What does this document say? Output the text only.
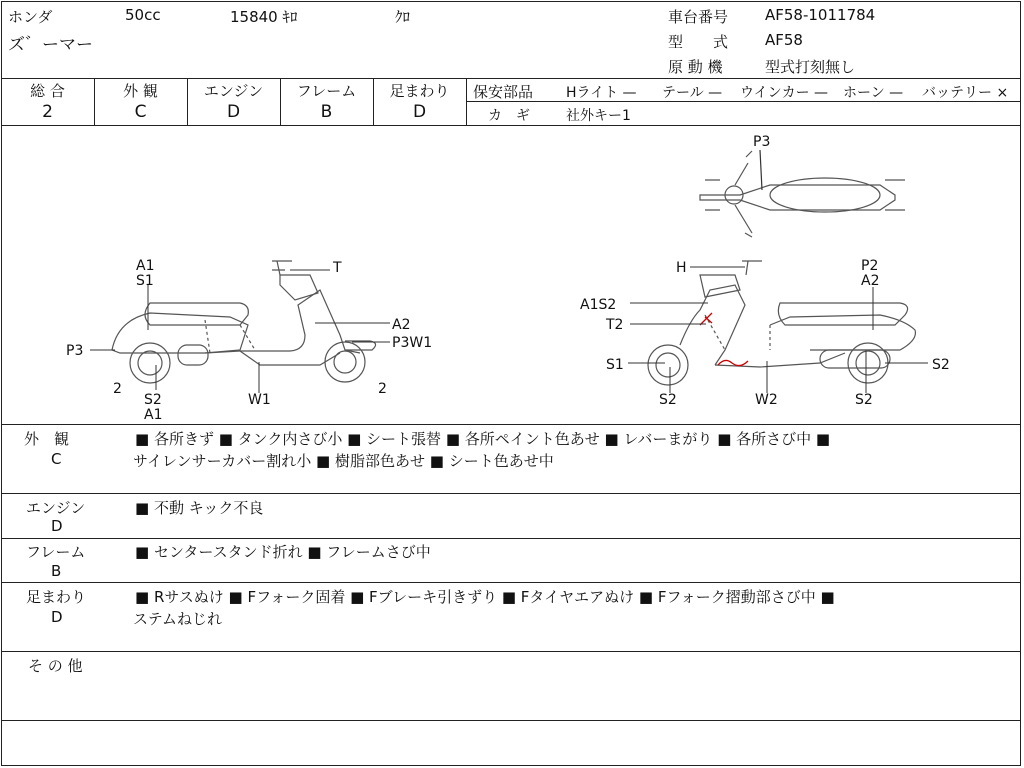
ホンダ	50cc	15840 ｷﾛ	ｸﾛ
ズ゛ーマー
車台番号 AF58-1011784
型　　式 AF58
原 動 機	型式打刻無し
総 合
2
外 観
C
エンジン
D
フレーム
B
足まわり
D
保安部品 Hライト — テール — ウインカー — ホーン — バッテリー ×
カ　ギ	社外キー1
P3
A1
S1
T
A2
P3W1
P3
2
S2
A1
W1
2
H	P2
A2
A1S2
T2
S1
S2	W2	S2
S2
外　観
C
■ 各所きず ■ タンク内さび小 ■ シート張替 ■ 各所ペイント色あせ ■ レバーまがり ■ 各所さび中 ■
サイレンサーカバー割れ小 ■ 樹脂部色あせ ■ シート色あせ中
エンジン
D
■ 不動 キック不良
フレーム
B
■ センタースタンド折れ ■ フレームさび中
足まわり
D
■ Rサスぬけ ■ Fフォーク固着 ■ Fブレーキ引きずり ■ Fタイヤエアぬけ ■ Fフォーク摺動部さび中 ■
ステムねじれ
そ の 他
